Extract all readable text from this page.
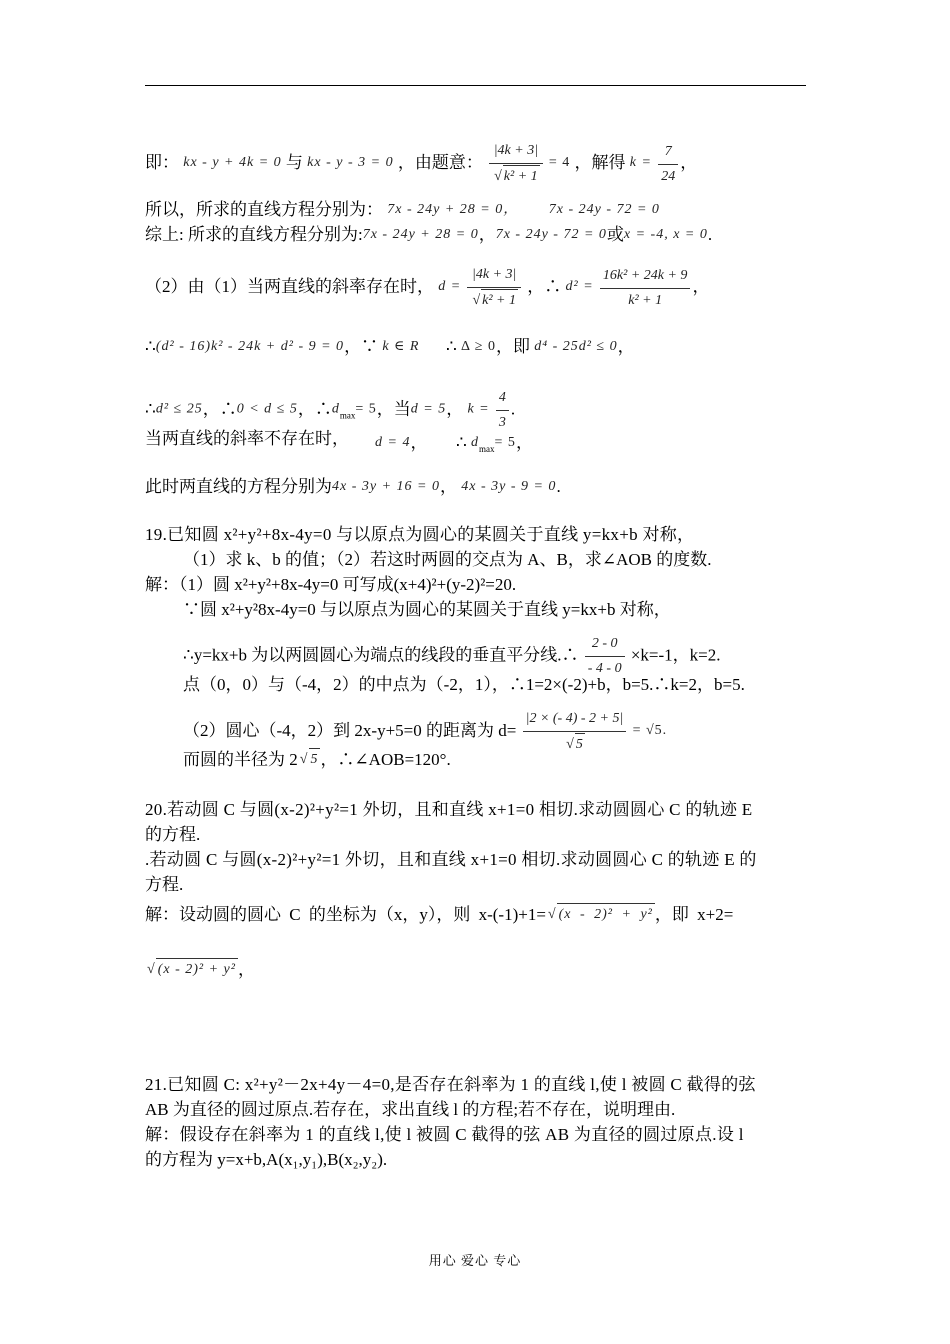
即： kx - y + 4k = 0 与 kx - y - 3 = 0 ，由题意： |4k + 3|
√ k² + 1 = 4 ，解得 $k = \frac{7}{24}$ ，
所以，所求的直线方程分别为： 7x - 24y + 28 = 0， 7x - 24y - 72 = 0
综上: 所求的直线方程分别为:7x - 24y + 28 = 0，7x - 24y - 72 = 0或x = -4, x = 0.
（2）由（1）当两直线的斜率存在时， d = |4k + 3|
√ k² + 1 ，∴ $d^2 = \frac{\text{16k² + 24k + 9}}{\text{k² + 1}}$ ，
∴(d² - 16)k² - 24k + d² - 9 = 0，∵ k ∈ R ∴ Δ ≥ 0，即 d⁴ - 25d² ≤ 0，
∴d² ≤ 25，∴0 < d ≤ 5，$\therefore d_{max}= 5$，当d = 5， $k = \frac{4}{3}$ .
当两直线的斜率不存在时， d = 4， ∴ $d_{max}= 5$，
此时两直线的方程分别为4x - 3y + 16 = 0， 4x - 3y - 9 = 0.
19.已知圆 x²+y²+8x-4y=0 与以原点为圆心的某圆关于直线 y=kx+b 对称，
（1）求 k、b 的值；（2）若这时两圆的交点为 A、B，求∠AOB 的度数.
解：（1）圆 x²+y²+8x-4y=0 可写成(x+4)²+(y-2)²=20.
∵圆 x²+y²8x-4y=0 与以原点为圆心的某圆关于直线 y=kx+b 对称，
∴y=kx+b 为以两圆圆心为端点的线段的垂直平分线.∴ $\frac{2 - 0}{- 4 - 0} \times k=-1$，k=2.
点（0，0）与（-4，2）的中点为（-2，1），∴1=2×(-2)+b，b=5.∴k=2，b=5.
（2）圆心（-4，2）到 2x-y+5=0 的距离为 d= |2 × (- 4) - 2 + 5|
√ 5 = √5.
而圆的半径为 2 √ 5 ，∴∠AOB=120°.
20.若动圆 C 与圆(x-2)²+y²=1 外切，且和直线 x+1=0 相切.求动圆圆心 C 的轨迹 E
的方程.
.若动圆 C 与圆(x-2)²+y²=1 外切，且和直线 x+1=0 相切.求动圆圆心 C 的轨迹 E 的
方程.
解：设动圆的圆心 C 的坐标为（x，y），则 x-(-1)+1= √ (x - 2)² + y² ，即 x+2=
√ (x - 2)² + y² ，
21.已知圆 C: x²+y²－2x+4y－4=0,是否存在斜率为 1 的直线 l,使 l 被圆 C 截得的弦
AB 为直径的圆过原点.若存在，求出直线 l 的方程;若不存在，说明理由.
解：假设存在斜率为 1 的直线 l,使 l 被圆 C 截得的弦 AB 为直径的圆过原点.设 l
的方程为 y=x+b,A(x₁,y₁),B(x₂,y₂).
用心 爱心 专心
